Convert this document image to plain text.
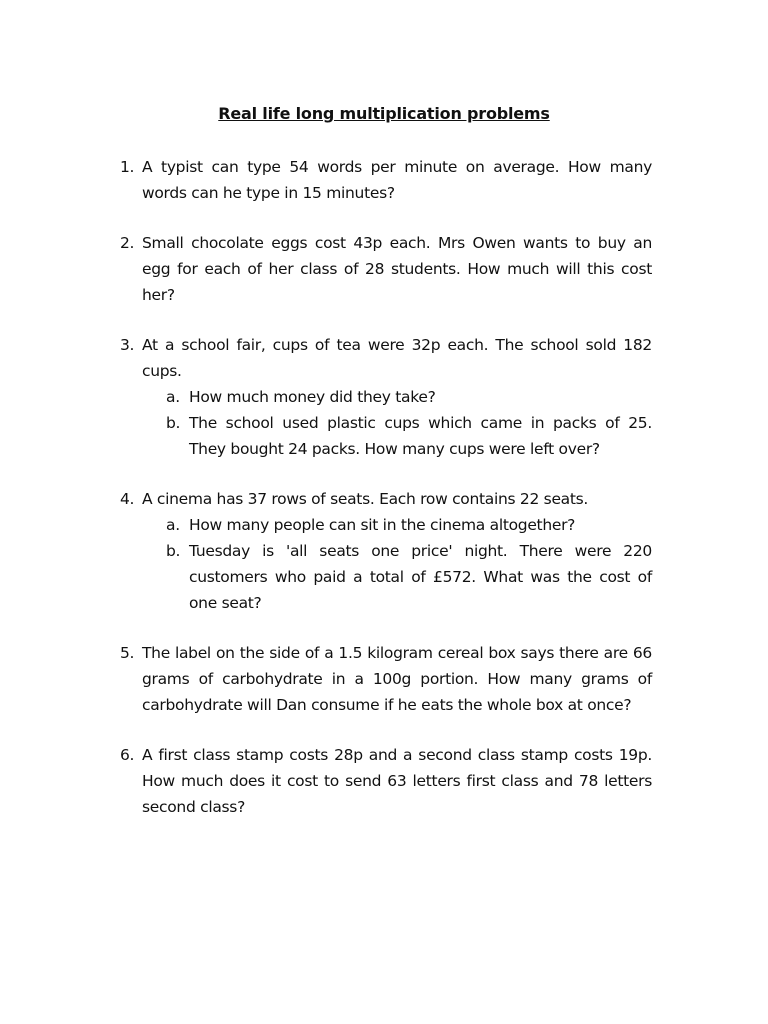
Real life long multiplication problems
1. A typist can type 54 words per minute on average. How many words can he type in 15 minutes?
2. Small chocolate eggs cost 43p each. Mrs Owen wants to buy an egg for each of her class of 28 students. How much will this cost her?
3. At a school fair, cups of tea were 32p each. The school sold 182 cups.
a. How much money did they take?
b. The school used plastic cups which came in packs of 25. They bought 24 packs. How many cups were left over?
4. A cinema has 37 rows of seats. Each row contains 22 seats.
a. How many people can sit in the cinema altogether?
b. Tuesday is 'all seats one price' night. There were 220 customers who paid a total of £572. What was the cost of one seat?
5. The label on the side of a 1.5 kilogram cereal box says there are 66 grams of carbohydrate in a 100g portion. How many grams of carbohydrate will Dan consume if he eats the whole box at once?
6. A first class stamp costs 28p and a second class stamp costs 19p. How much does it cost to send 63 letters first class and 78 letters second class?
